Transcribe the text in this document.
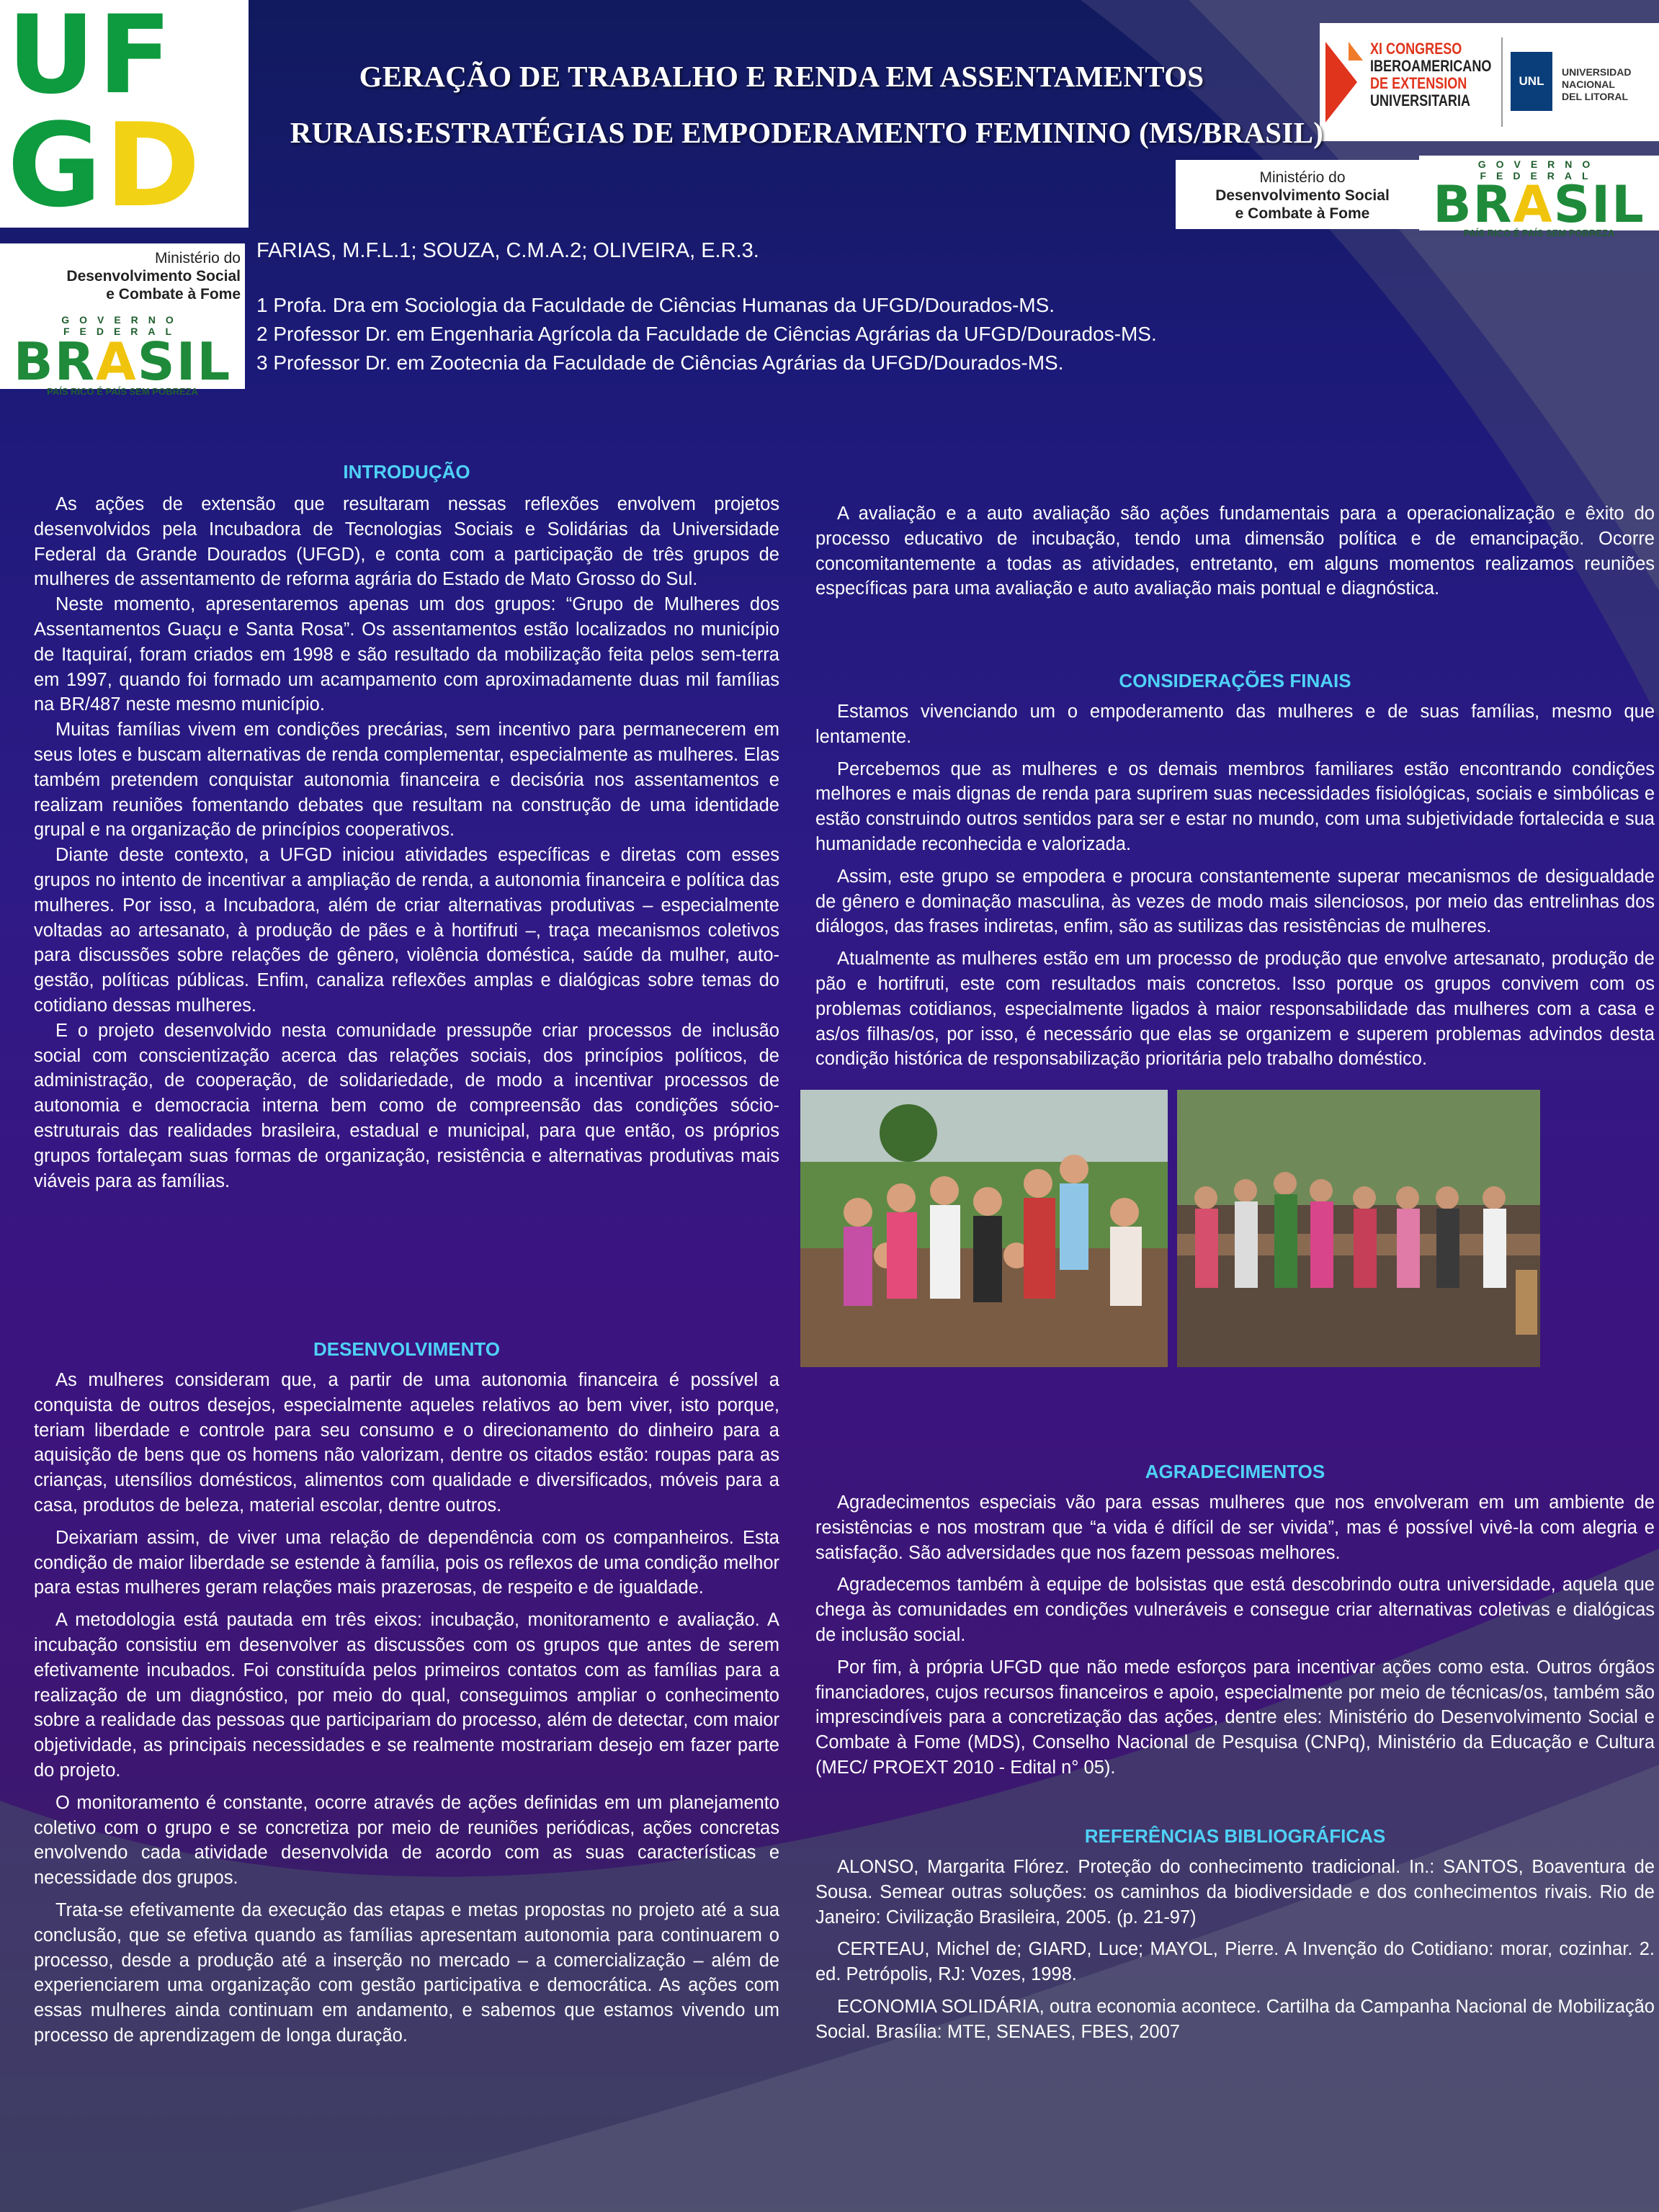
UF
GD
Ministério do
Desenvolvimento Social
e Combate à Fome
GOVERNO FEDERAL
BRASIL
PAÍS RICO É PAÍS SEM POBREZA
XI CONGRESO
IBEROAMERICANO
DE EXTENSION
UNIVERSITARIA
UNL
UNIVERSIDAD NACIONAL
DEL LITORAL
Ministério do
Desenvolvimento Social
e Combate à Fome
GOVERNO FEDERAL
BRASIL
PAÍS RICO É PAÍS SEM POBREZA
GERAÇÃO DE TRABALHO E RENDA EM ASSENTAMENTOS
RURAIS:ESTRATÉGIAS DE EMPODERAMENTO FEMININO (MS/BRASIL)
FARIAS, M.F.L.1; SOUZA, C.M.A.2; OLIVEIRA, E.R.3.
1 Profa. Dra em Sociologia da Faculdade de Ciências Humanas da UFGD/Dourados-MS.
2 Professor Dr. em Engenharia Agrícola da Faculdade de Ciências Agrárias da UFGD/Dourados-MS.
3 Professor Dr. em Zootecnia da Faculdade de Ciências Agrárias da UFGD/Dourados-MS.
INTRODUÇÃO

As ações de extensão que resultaram nessas reflexões envolvem projetos desenvolvidos pela Incubadora de Tecnologias Sociais e Solidárias da Universidade Federal da Grande Dourados (UFGD), e conta com a participação de três grupos de mulheres de assentamento de reforma agrária do Estado de Mato Grosso do Sul.

Neste momento, apresentaremos apenas um dos grupos: “Grupo de Mulheres dos Assentamentos Guaçu e Santa Rosa”. Os assentamentos estão localizados no município de Itaquiraí, foram criados em 1998 e são resultado da mobilização feita pelos sem-terra em 1997, quando foi formado um acampamento com aproximadamente duas mil famílias na BR/487 neste mesmo município.

Muitas famílias vivem em condições precárias, sem incentivo para permanecerem em seus lotes e buscam alternativas de renda complementar, especialmente as mulheres. Elas também pretendem conquistar autonomia financeira e decisória nos assentamentos e realizam reuniões fomentando debates que resultam na construção de uma identidade grupal e na organização de princípios cooperativos.

Diante deste contexto, a UFGD iniciou atividades específicas e diretas com esses grupos no intento de incentivar a ampliação de renda, a autonomia financeira e política das mulheres. Por isso, a Incubadora, além de criar alternativas produtivas – especialmente voltadas ao artesanato, à produção de pães e à hortifruti –, traça mecanismos coletivos para discussões sobre relações de gênero, violência doméstica, saúde da mulher, auto-gestão, políticas públicas. Enfim, canaliza reflexões amplas e dialógicas sobre temas do cotidiano dessas mulheres.

E o projeto desenvolvido nesta comunidade pressupõe criar processos de inclusão social com conscientização acerca das relações sociais, dos princípios políticos, de administração, de cooperação, de solidariedade, de modo a incentivar processos de autonomia e democracia interna bem como de compreensão das condições sócio-estruturais das realidades brasileira, estadual e municipal, para que então, os próprios grupos fortaleçam suas formas de organização, resistência e alternativas produtivas mais viáveis para as famílias.

DESENVOLVIMENTO

As mulheres consideram que, a partir de uma autonomia financeira é possível a conquista de outros desejos, especialmente aqueles relativos ao bem viver, isto porque, teriam liberdade e controle para seu consumo e o direcionamento do dinheiro para a aquisição de bens que os homens não valorizam, dentre os citados estão: roupas para as crianças, utensílios domésticos, alimentos com qualidade e diversificados, móveis para a casa, produtos de beleza, material escolar, dentre outros.

Deixariam assim, de viver uma relação de dependência com os companheiros. Esta condição de maior liberdade se estende à família, pois os reflexos de uma condição melhor para estas mulheres geram relações mais prazerosas, de respeito e de igualdade.

A metodologia está pautada em três eixos: incubação, monitoramento e avaliação. A incubação consistiu em desenvolver as discussões com os grupos que antes de serem efetivamente incubados. Foi constituída pelos primeiros contatos com as famílias para a realização de um diagnóstico, por meio do qual, conseguimos ampliar o conhecimento sobre a realidade das pessoas que participariam do processo, além de detectar, com maior objetividade, as principais necessidades e se realmente mostrariam desejo em fazer parte do projeto.

O monitoramento é constante, ocorre através de ações definidas em um planejamento coletivo com o grupo e se concretiza por meio de reuniões periódicas, ações concretas envolvendo cada atividade desenvolvida de acordo com as suas características e necessidade dos grupos.

Trata-se efetivamente da execução das etapas e metas propostas no projeto até a sua conclusão, que se efetiva quando as famílias apresentam autonomia para continuarem o processo, desde a produção até a inserção no mercado – a comercialização – além de experienciarem uma organização com gestão participativa e democrática. As ações com essas mulheres ainda continuam em andamento, e sabemos que estamos vivendo um processo de aprendizagem de longa duração.

A avaliação e a auto avaliação são ações fundamentais para a operacionalização e êxito do processo educativo de incubação, tendo uma dimensão política e de emancipação. Ocorre concomitantemente a todas as atividades, entretanto, em alguns momentos realizamos reuniões específicas para uma avaliação e auto avaliação mais pontual e diagnóstica.

CONSIDERAÇÕES FINAIS

Estamos vivenciando um o empoderamento das mulheres e de suas famílias, mesmo que lentamente.

Percebemos que as mulheres e os demais membros familiares estão encontrando condições melhores e mais dignas de renda para suprirem suas necessidades fisiológicas, sociais e simbólicas e estão construindo outros sentidos para ser e estar no mundo, com uma subjetividade fortalecida e sua humanidade reconhecida e valorizada.

Assim, este grupo se empodera e procura constantemente superar mecanismos de desigualdade de gênero e dominação masculina, às vezes de modo mais silenciosos, por meio das entrelinhas dos diálogos, das frases indiretas, enfim, são as sutilizas das resistências de mulheres.

Atualmente as mulheres estão em um processo de produção que envolve artesanato, produção de pão e hortifruti, este com resultados mais concretos. Isso porque os grupos convivem com os problemas cotidianos, especialmente ligados à maior responsabilidade das mulheres com a casa e as/os filhas/os, por isso, é necessário que elas se organizem e superem problemas advindos desta condição histórica de responsabilização prioritária pelo trabalho doméstico.

AGRADECIMENTOS

Agradecimentos especiais vão para essas mulheres que nos envolveram em um ambiente de resistências e nos mostram que “a vida é difícil de ser vivida”, mas é possível vivê-la com alegria e satisfação. São adversidades que nos fazem pessoas melhores.

Agradecemos também à equipe de bolsistas que está descobrindo outra universidade, aquela que chega às comunidades em condições vulneráveis e consegue criar alternativas coletivas e dialógicas de inclusão social.

Por fim, à própria UFGD que não mede esforços para incentivar ações como esta. Outros órgãos financiadores, cujos recursos financeiros e apoio, especialmente por meio de técnicas/os, também são imprescindíveis para a concretização das ações, dentre eles: Ministério do Desenvolvimento Social e Combate à Fome (MDS), Conselho Nacional de Pesquisa (CNPq), Ministério da Educação e Cultura (MEC/ PROEXT 2010 - Edital n° 05).

REFERÊNCIAS BIBLIOGRÁFICAS

ALONSO, Margarita Flórez. Proteção do conhecimento tradicional. In.: SANTOS, Boaventura de Sousa. Semear outras soluções: os caminhos da biodiversidade e dos conhecimentos rivais. Rio de Janeiro: Civilização Brasileira, 2005. (p. 21-97)

CERTEAU, Michel de; GIARD, Luce; MAYOL, Pierre. A Invenção do Cotidiano: morar, cozinhar. 2. ed. Petrópolis, RJ: Vozes, 1998.

ECONOMIA SOLIDÁRIA, outra economia acontece. Cartilha da Campanha Nacional de Mobilização Social. Brasília: MTE, SENAES, FBES, 2007
